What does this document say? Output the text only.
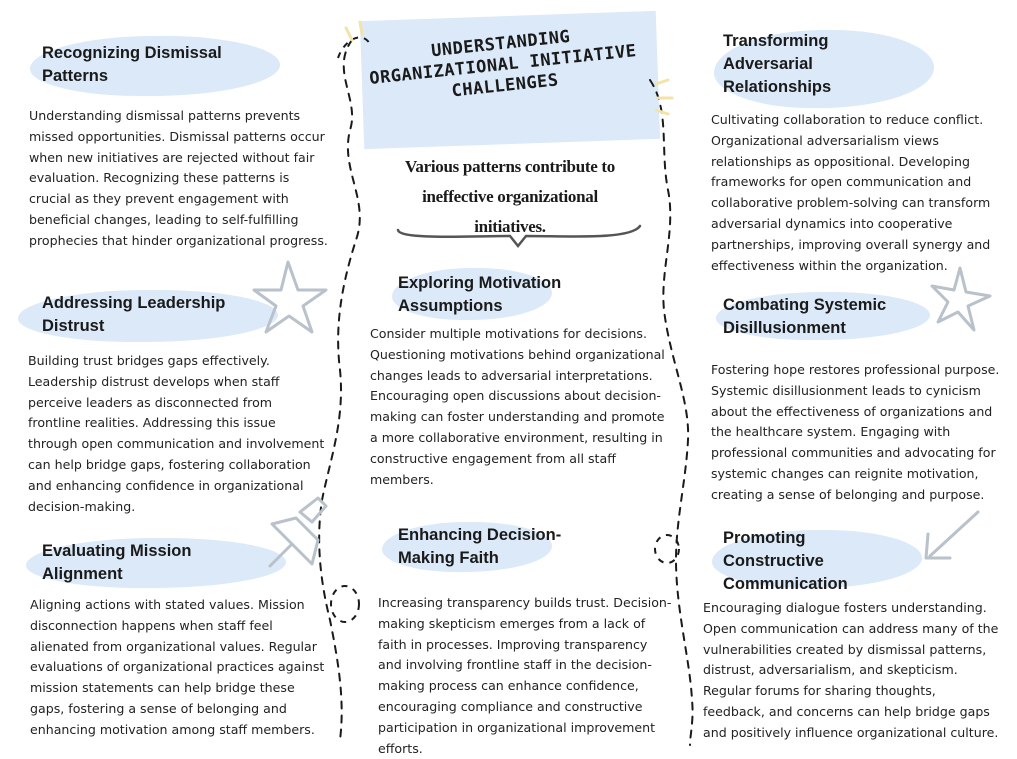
UNDERSTANDING ORGANIZATIONAL INITIATIVE CHALLENGES
Various patterns contribute to ineffective organizational initiatives.
Recognizing Dismissal Patterns

Understanding dismissal patterns prevents missed opportunities. Dismissal patterns occur when new initiatives are rejected without fair evaluation. Recognizing these patterns is crucial as they prevent engagement with beneficial changes, leading to self-fulfilling prophecies that hinder organizational progress.

Addressing Leadership Distrust

Building trust bridges gaps effectively. Leadership distrust develops when staff perceive leaders as disconnected from frontline realities. Addressing this issue through open communication and involvement can help bridge gaps, fostering collaboration and enhancing confidence in organizational decision-making.

Evaluating Mission Alignment

Aligning actions with stated values. Mission disconnection happens when staff feel alienated from organizational values. Regular evaluations of organizational practices against mission statements can help bridge these gaps, fostering a sense of belonging and enhancing motivation among staff members.

Exploring Motivation Assumptions

Consider multiple motivations for decisions. Questioning motivations behind organizational changes leads to adversarial interpretations. Encouraging open discussions about decision-making can foster understanding and promote a more collaborative environment, resulting in constructive engagement from all staff members.

Enhancing Decision-Making Faith

Increasing transparency builds trust. Decision-making skepticism emerges from a lack of faith in processes. Improving transparency and involving frontline staff in the decision-making process can enhance confidence, encouraging compliance and constructive participation in organizational improvement efforts.

Transforming Adversarial Relationships

Cultivating collaboration to reduce conflict. Organizational adversarialism views relationships as oppositional. Developing frameworks for open communication and collaborative problem-solving can transform adversarial dynamics into cooperative partnerships, improving overall synergy and effectiveness within the organization.

Combating Systemic Disillusionment

Fostering hope restores professional purpose. Systemic disillusionment leads to cynicism about the effectiveness of organizations and the healthcare system. Engaging with professional communities and advocating for systemic changes can reignite motivation, creating a sense of belonging and purpose.

Promoting Constructive Communication

Encouraging dialogue fosters understanding. Open communication can address many of the vulnerabilities created by dismissal patterns, distrust, adversarialism, and skepticism. Regular forums for sharing thoughts, feedback, and concerns can help bridge gaps and positively influence organizational culture.
